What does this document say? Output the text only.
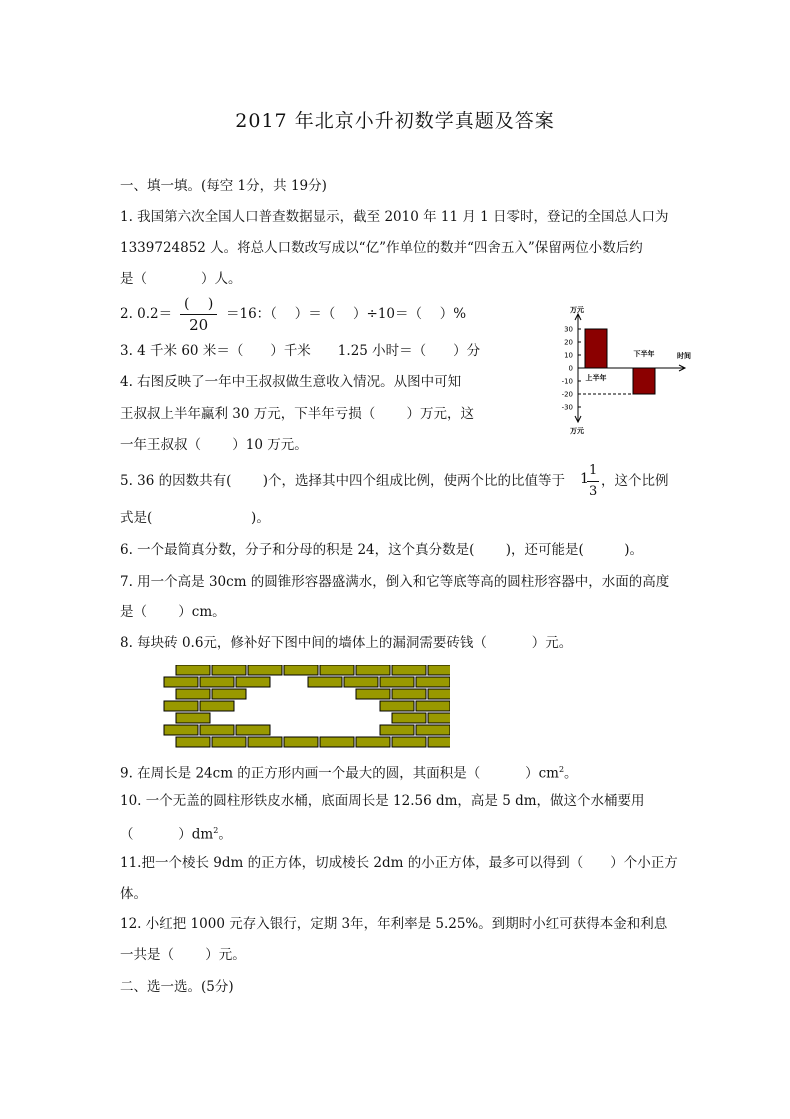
2017 年北京小升初数学真题及答案
一、填一填。(每空 1分，共 19分)
1. 我国第六次全国人口普查数据显示，截至 2010 年 11 月 1 日零时，登记的全国总人口为
1339724852 人。将总人口数改写成以“亿”作单位的数并“四舍五入”保留两位小数后约
是（　　　　）人。
2. 0.2＝
(　 )
20
＝16：（　 ）＝（　 ）÷10＝（　 ）%
3. 4 千米 60 米＝（　　）千米　　1.25 小时＝（　　）分
4. 右图反映了一年中王叔叔做生意收入情况。从图中可知
王叔叔上半年赢利 30 万元，下半年亏损（　　 ）万元，这
一年王叔叔（　　 ）10 万元。
30
20
10
0
-10
-20
-30
万元
万元
时间
上半年
下半年
5. 36 的因数共有(　　 )个，选择其中四个组成比例，使两个比的比值等于 1
$\frac{1}{3}$ ，这个比例
式是(　　　　　　　 )。
6. 一个最简真分数，分子和分母的积是 24，这个真分数是(　　 )，还可能是(　　　)。
7. 用一个高是 30cm 的圆锥形容器盛满水，倒入和它等底等高的圆柱形容器中，水面的高度
是（　　 ）cm。
8. 每块砖 0.6元，修补好下图中间的墙体上的漏洞需要砖钱（　　　 ）元。
9. 在周长是 24cm 的正方形内画一个最大的圆，其面积是（　　　 ）$cm^2$。
10. 一个无盖的圆柱形铁皮水桶，底面周长是 12.56 dm，高是 5 dm，做这个水桶要用
（　　　 ）$dm^2$。
11.把一个棱长 9dm 的正方体，切成棱长 2dm 的小正方体，最多可以得到（　　）个小正方
体。
12. 小红把 1000 元存入银行，定期 3年，年利率是 5.25%。到期时小红可获得本金和利息
一共是（　　 ）元。
二、选一选。(5分)
